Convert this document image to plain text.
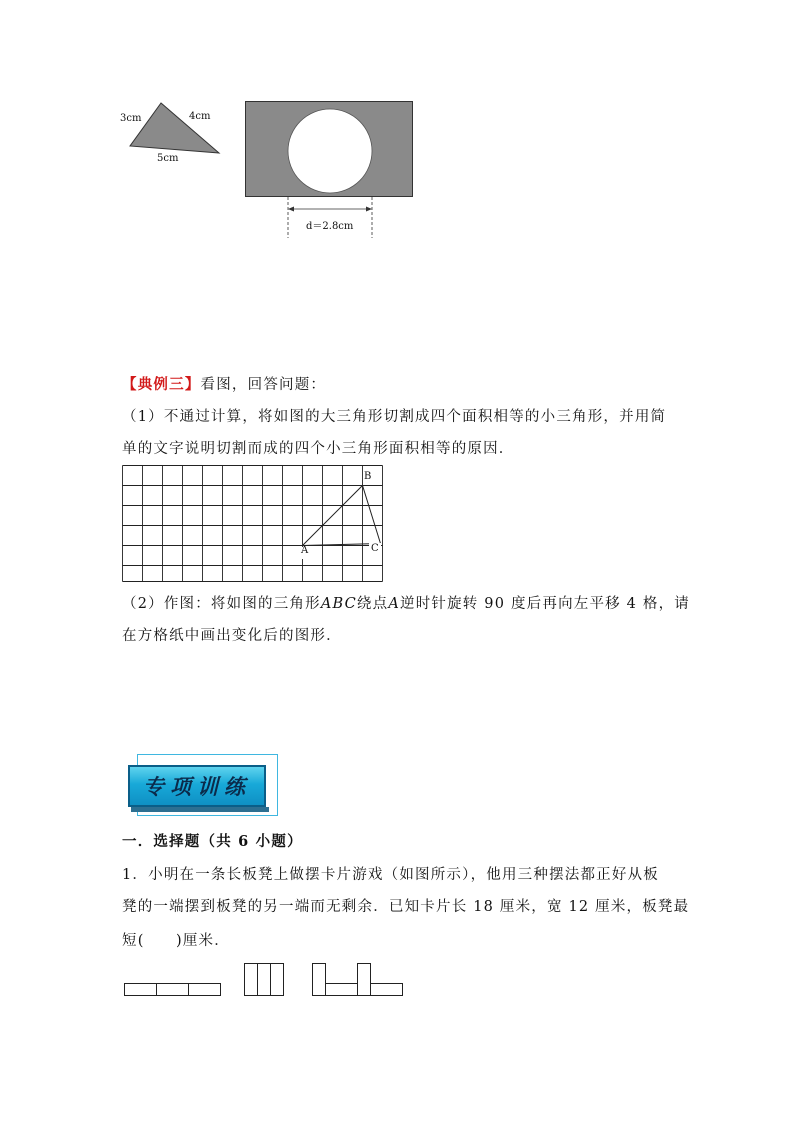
3cm	4cm
5cm
d＝2.8cm
【典例三】看图，回答问题：
（1）不通过计算，将如图的大三角形切割成四个面积相等的小三角形，并用简
单的文字说明切割而成的四个小三角形面积相等的原因．
A
B
C
（2）作图：将如图的三角形ABC绕点A逆时针旋转 90 度后再向左平移 4 格，请
在方格纸中画出变化后的图形．
专项训练
一．选择题（共 6 小题）
1．小明在一条长板凳上做摆卡片游戏（如图所示），他用三种摆法都正好从板
凳的一端摆到板凳的另一端而无剩余．已知卡片长 18 厘米，宽 12 厘米，板凳最
短(　　)厘米．
